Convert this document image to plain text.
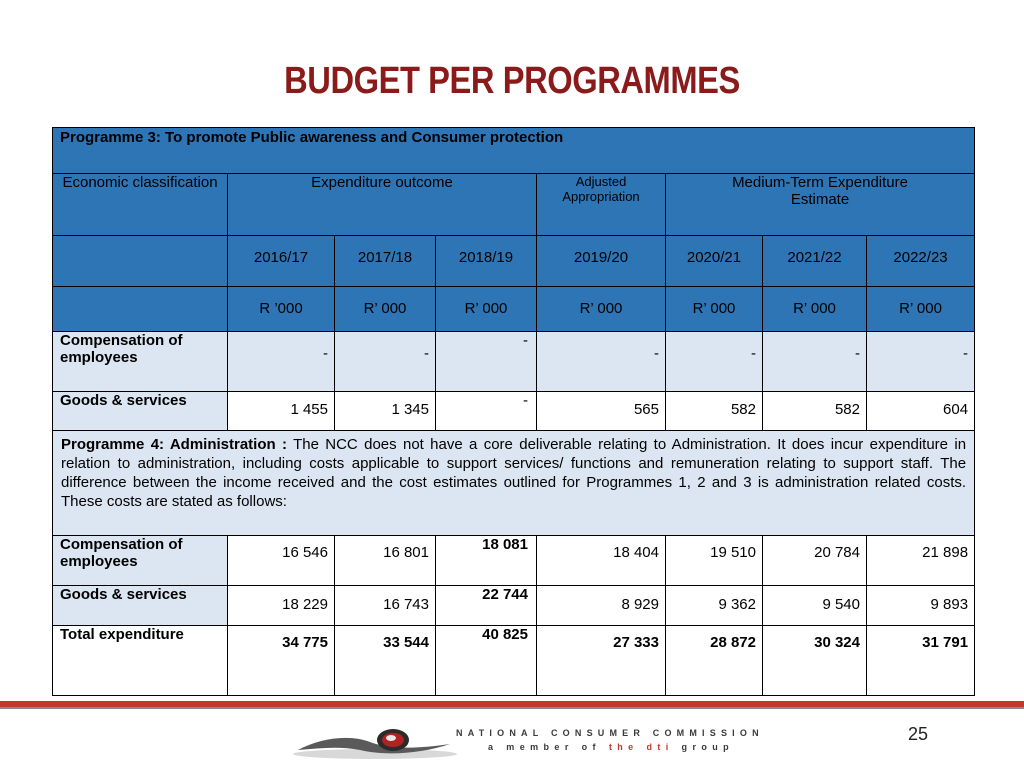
BUDGET PER PROGRAMMES
Programme 3: To promote Public awareness and Consumer protection							

Economic classification	Expenditure outcome			Adjusted Appropriation	Medium-Term Expenditure Estimate		

	2016/17	2017/18	2018/19	2019/20	2020/21	2021/22	2022/23
	R ’000	R’ 000	R’ 000	R’ 000	R’ 000	R’ 000	R’ 000

Compensation of employees	-	-	-	-	-	-	-

Goods & services	1 455	1 345	-	565	582	582	604

Programme 4: Administration : The NCC does not have a core deliverable relating to Administration. It does incur expenditure in relation to administration, including costs applicable to support services/ functions and remuneration relating to support staff. The difference between the income received and the cost estimates outlined for Programmes 1, 2 and 3 is administration related costs. These costs are stated as follows:							

Compensation of employees	16 546	16 801	18 081	18 404	19 510	20 784	21 898

Goods & services	18 229	16 743	22 744	8 929	9 362	9 540	9 893

Total expenditure	34 775	33 544	40 825	27 333	28 872	30 324	31 791
NATIONAL CONSUMER COMMISSION
a member of the dti group
25
